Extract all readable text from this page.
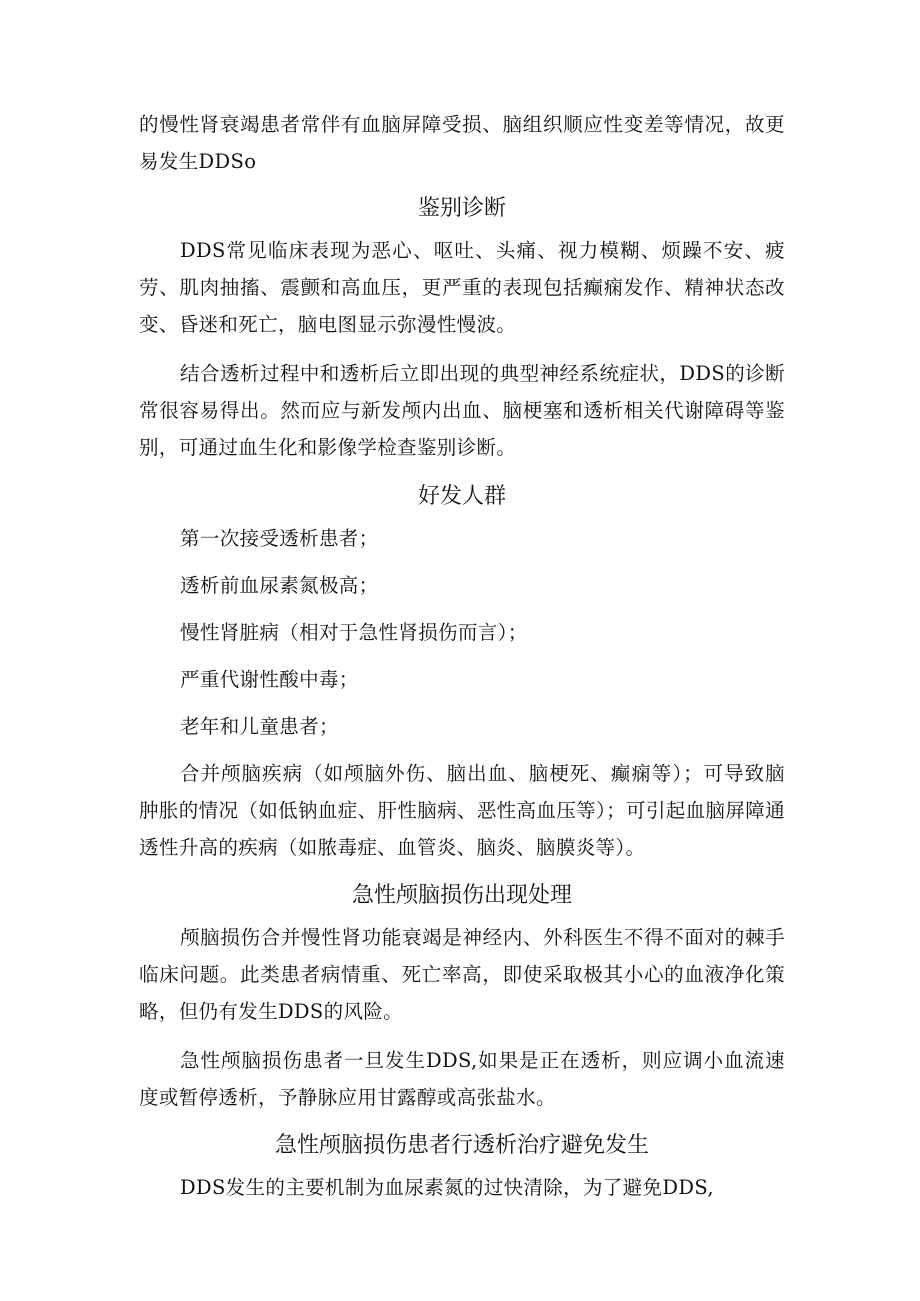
的慢性肾衰竭患者常伴有血脑屏障受损、脑组织顺应性变差等情况，故更易发生DDSo

鉴别诊断

DDS常见临床表现为恶心、呕吐、头痛、视力模糊、烦躁不安、疲劳、肌肉抽搐、震颤和高血压，更严重的表现包括癫痫发作、精神状态改变、昏迷和死亡，脑电图显示弥漫性慢波。

结合透析过程中和透析后立即出现的典型神经系统症状，DDS的诊断常很容易得出。然而应与新发颅内出血、脑梗塞和透析相关代谢障碍等鉴别，可通过血生化和影像学检查鉴别诊断。

好发人群

第一次接受透析患者；

透析前血尿素氮极高；

慢性肾脏病（相对于急性肾损伤而言）；

严重代谢性酸中毒；

老年和儿童患者；

合并颅脑疾病（如颅脑外伤、脑出血、脑梗死、癫痫等）；可导致脑肿胀的情况（如低钠血症、肝性脑病、恶性高血压等）；可引起血脑屏障通透性升高的疾病（如脓毒症、血管炎、脑炎、脑膜炎等）。

急性颅脑损伤出现处理

颅脑损伤合并慢性肾功能衰竭是神经内、外科医生不得不面对的棘手临床问题。此类患者病情重、死亡率高，即使采取极其小心的血液净化策略，但仍有发生DDS的风险。

急性颅脑损伤患者一旦发生DDS,如果是正在透析，则应调小血流速度或暂停透析，予静脉应用甘露醇或高张盐水。

急性颅脑损伤患者行透析治疗避免发生

DDS发生的主要机制为血尿素氮的过快清除，为了避免DDS,
